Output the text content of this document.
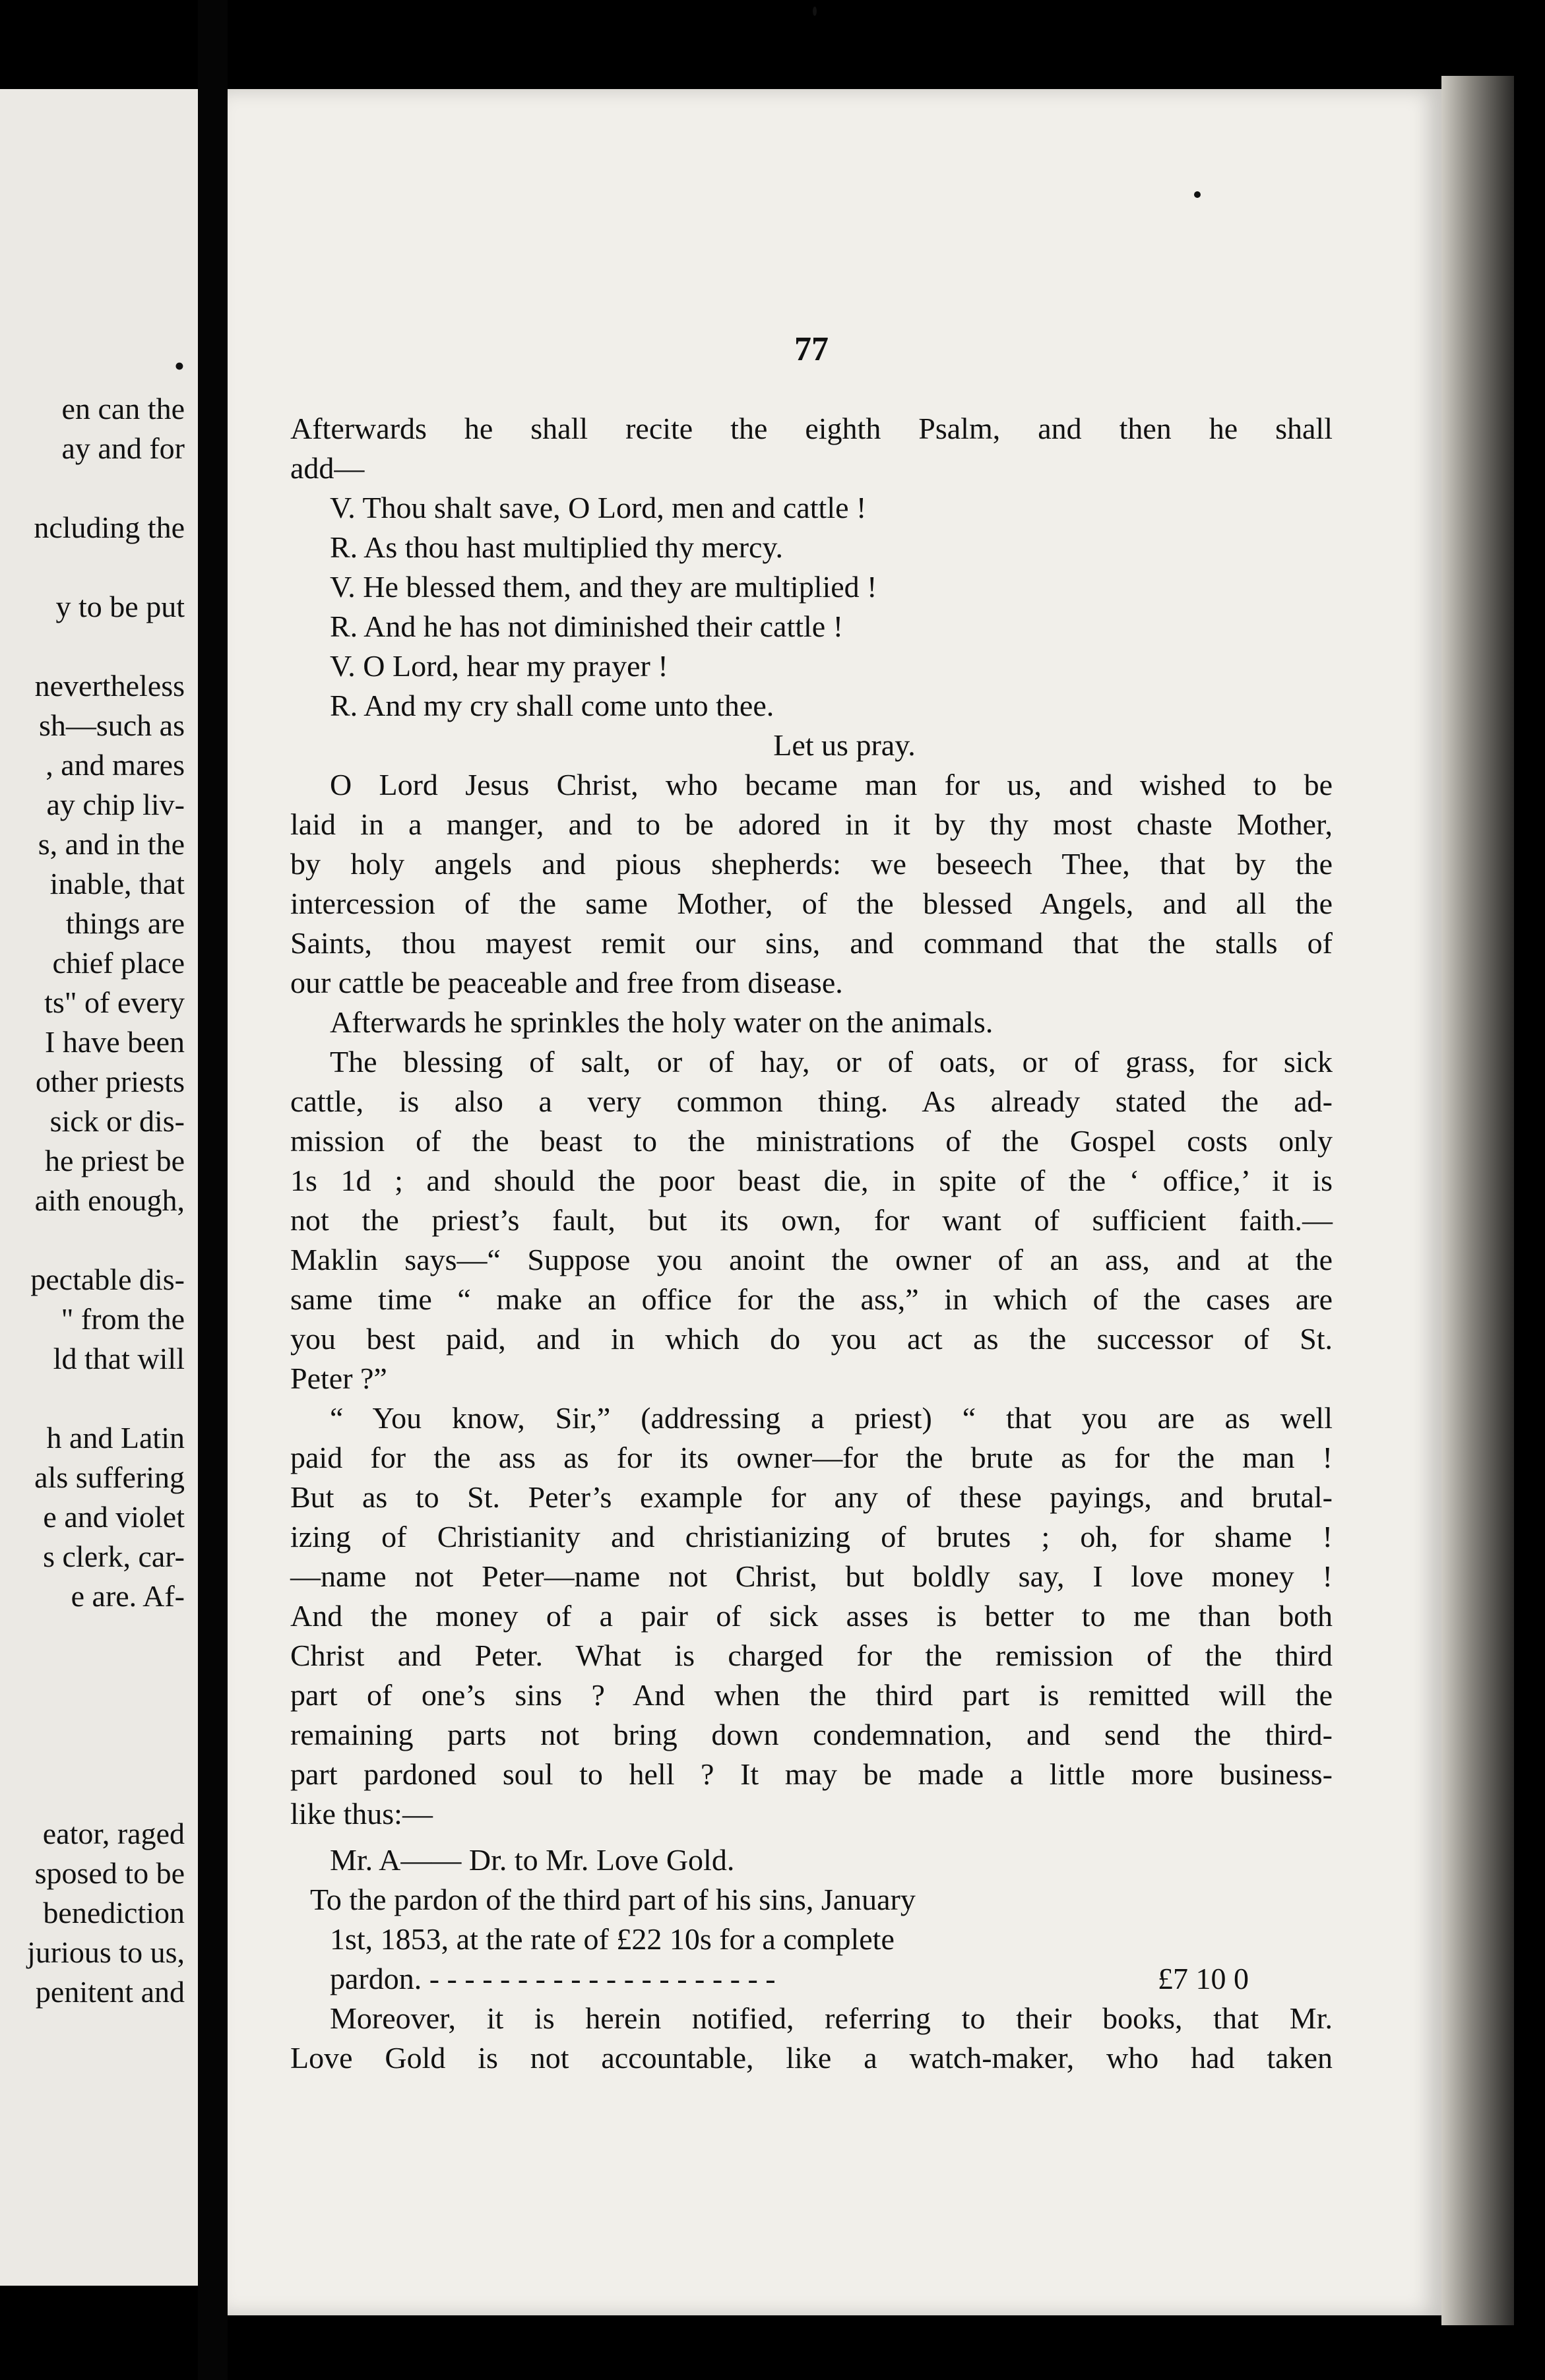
•
en can the
ay and for
ncluding the
y to be put
nevertheless
sh—such as
, and mares
ay chip liv-
s, and in the
inable, that
things are
chief place
ts" of every
I have been
other priests
sick or dis-
he priest be
aith enough,
pectable dis-
" from the
ld that will
h and Latin
als suffering
e and violet
s clerk, car-
e are. Af-
eator, raged
sposed to be
benediction
jurious to us,
penitent and
77
Afterwards he shall recite the eighth Psalm, and then he shall
add—
V. Thou shalt save, O Lord, men and cattle !
R. As thou hast multiplied thy mercy.
V. He blessed them, and they are multiplied !
R. And he has not diminished their cattle !
V. O Lord, hear my prayer !
R. And my cry shall come unto thee.
Let us pray.
O Lord Jesus Christ, who became man for us, and wished to be
laid in a manger, and to be adored in it by thy most chaste Mother,
by holy angels and pious shepherds: we beseech Thee, that by the
intercession of the same Mother, of the blessed Angels, and all the
Saints, thou mayest remit our sins, and command that the stalls of
our cattle be peaceable and free from disease.
Afterwards he sprinkles the holy water on the animals.
The blessing of salt, or of hay, or of oats, or of grass, for sick
cattle, is also a very common thing. As already stated the ad-
mission of the beast to the ministrations of the Gospel costs only
1s 1d ; and should the poor beast die, in spite of the ‘ office,’ it is
not the priest’s fault, but its own, for want of sufficient faith.—
Maklin says—“ Suppose you anoint the owner of an ass, and at the
same time “ make an office for the ass,” in which of the cases are
you best paid, and in which do you act as the successor of St.
Peter ?”
“ You know, Sir,” (addressing a priest) “ that you are as well
paid for the ass as for its owner—for the brute as for the man !
But as to St. Peter’s example for any of these payings, and brutal-
izing of Christianity and christianizing of brutes ; oh, for shame !
—name not Peter—name not Christ, but boldly say, I love money !
And the money of a pair of sick asses is better to me than both
Christ and Peter. What is charged for the remission of the third
part of one’s sins ? And when the third part is remitted will the
remaining parts not bring down condemnation, and send the third-
part pardoned soul to hell ? It may be made a little more business-
like thus:—
Mr. A—— Dr. to Mr. Love Gold.
To the pardon of the third part of his sins, January
1st, 1853, at the rate of £22 10s for a complete
pardon. - - - - - - - - - - - - - - - - - - - -	£7 10 0
Moreover, it is herein notified, referring to their books, that Mr.
Love Gold is not accountable, like a watch-maker, who had taken
